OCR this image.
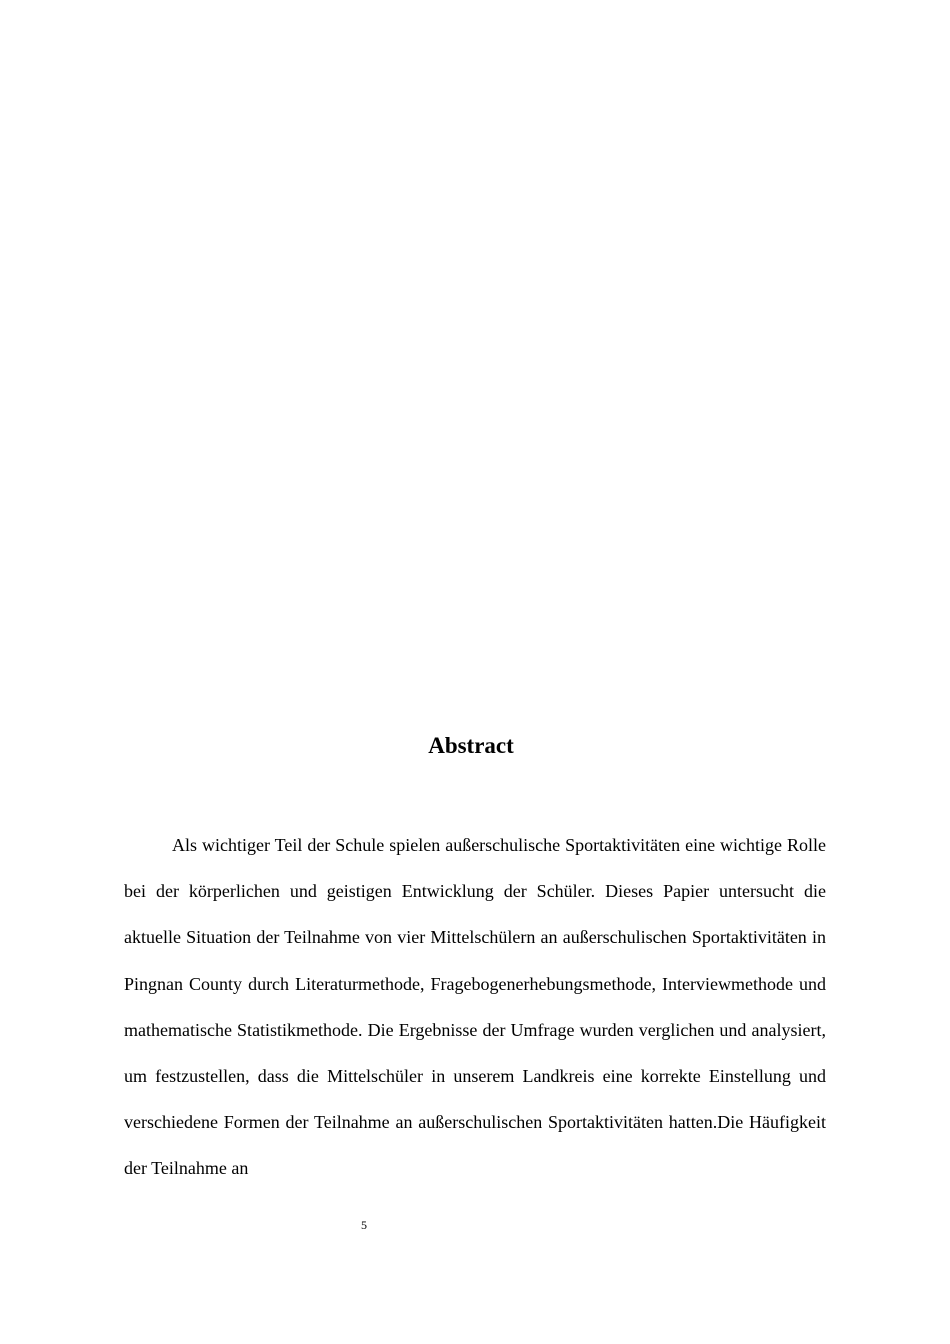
Abstract

Als wichtiger Teil der Schule spielen außerschulische Sportaktivitäten eine wichtige Rolle bei der körperlichen und geistigen Entwicklung der Schüler. Dieses Papier untersucht die aktuelle Situation der Teilnahme von vier Mittelschülern an außerschulischen Sportaktivitäten in Pingnan County durch Literaturmethode, Fragebogenerhebungsmethode, Interviewmethode und mathematische Statistikmethode. Die Ergebnisse der Umfrage wurden verglichen und analysiert, um festzustellen, dass die Mittelschüler in unserem Landkreis eine korrekte Einstellung und verschiedene Formen der Teilnahme an außerschulischen Sportaktivitäten hatten.Die Häufigkeit der Teilnahme an

5
